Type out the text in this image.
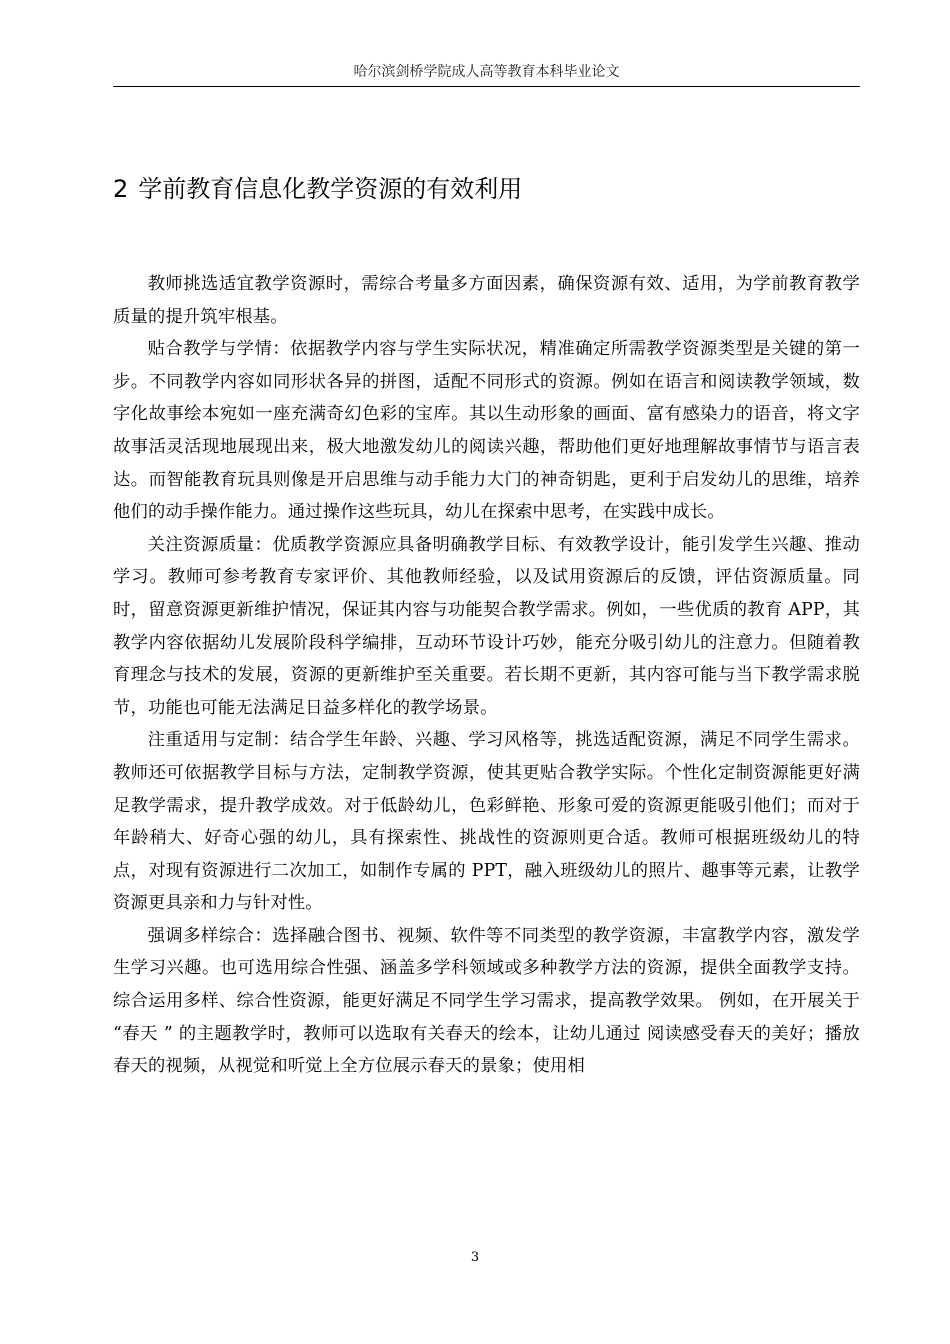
哈尔滨剑桥学院成人高等教育本科毕业论文
2 学前教育信息化教学资源的有效利用

教师挑选适宜教学资源时，需综合考量多方面因素，确保资源有效、适用，为学前教育教学质量的提升筑牢根基。

贴合教学与学情：依据教学内容与学生实际状况，精准确定所需教学资源类型是关键的第一步。不同教学内容如同形状各异的拼图，适配不同形式的资源。例如在语言和阅读教学领域，数字化故事绘本宛如一座充满奇幻色彩的宝库。其以生动形象的画面、富有感染力的语音，将文字故事活灵活现地展现出来，极大地激发幼儿的阅读兴趣，帮助他们更好地理解故事情节与语言表达。而智能教育玩具则像是开启思维与动手能力大门的神奇钥匙，更利于启发幼儿的思维，培养他们的动手操作能力。通过操作这些玩具，幼儿在探索中思考，在实践中成长。

关注资源质量：优质教学资源应具备明确教学目标、有效教学设计，能引发学生兴趣、推动学习。教师可参考教育专家评价、其他教师经验，以及试用资源后的反馈，评估资源质量。同时，留意资源更新维护情况，保证其内容与功能契合教学需求。例如，一些优质的教育 APP，其教学内容依据幼儿发展阶段科学编排，互动环节设计巧妙，能充分吸引幼儿的注意力。但随着教育理念与技术的发展，资源的更新维护至关重要。若长期不更新，其内容可能与当下教学需求脱节，功能也可能无法满足日益多样化的教学场景。

注重适用与定制：结合学生年龄、兴趣、学习风格等，挑选适配资源，满足不同学生需求。教师还可依据教学目标与方法，定制教学资源，使其更贴合教学实际。个性化定制资源能更好满足教学需求，提升教学成效。对于低龄幼儿，色彩鲜艳、形象可爱的资源更能吸引他们；而对于年龄稍大、好奇心强的幼儿，具有探索性、挑战性的资源则更合适。教师可根据班级幼儿的特点，对现有资源进行二次加工，如制作专属的 PPT，融入班级幼儿的照片、趣事等元素，让教学资源更具亲和力与针对性。

强调多样综合：选择融合图书、视频、软件等不同类型的教学资源，丰富教学内容，激发学生学习兴趣。也可选用综合性强、涵盖多学科领域或多种教学方法的资源，提供全面教学支持。综合运用多样、综合性资源，能更好满足不同学生学习需求，提高教学效果。 例如，在开展关于 “春天 ” 的主题教学时，教师可以选取有关春天的绘本，让幼儿通过 阅读感受春天的美好；播放春天的视频，从视觉和听觉上全方位展示春天的景象；使用相

3
